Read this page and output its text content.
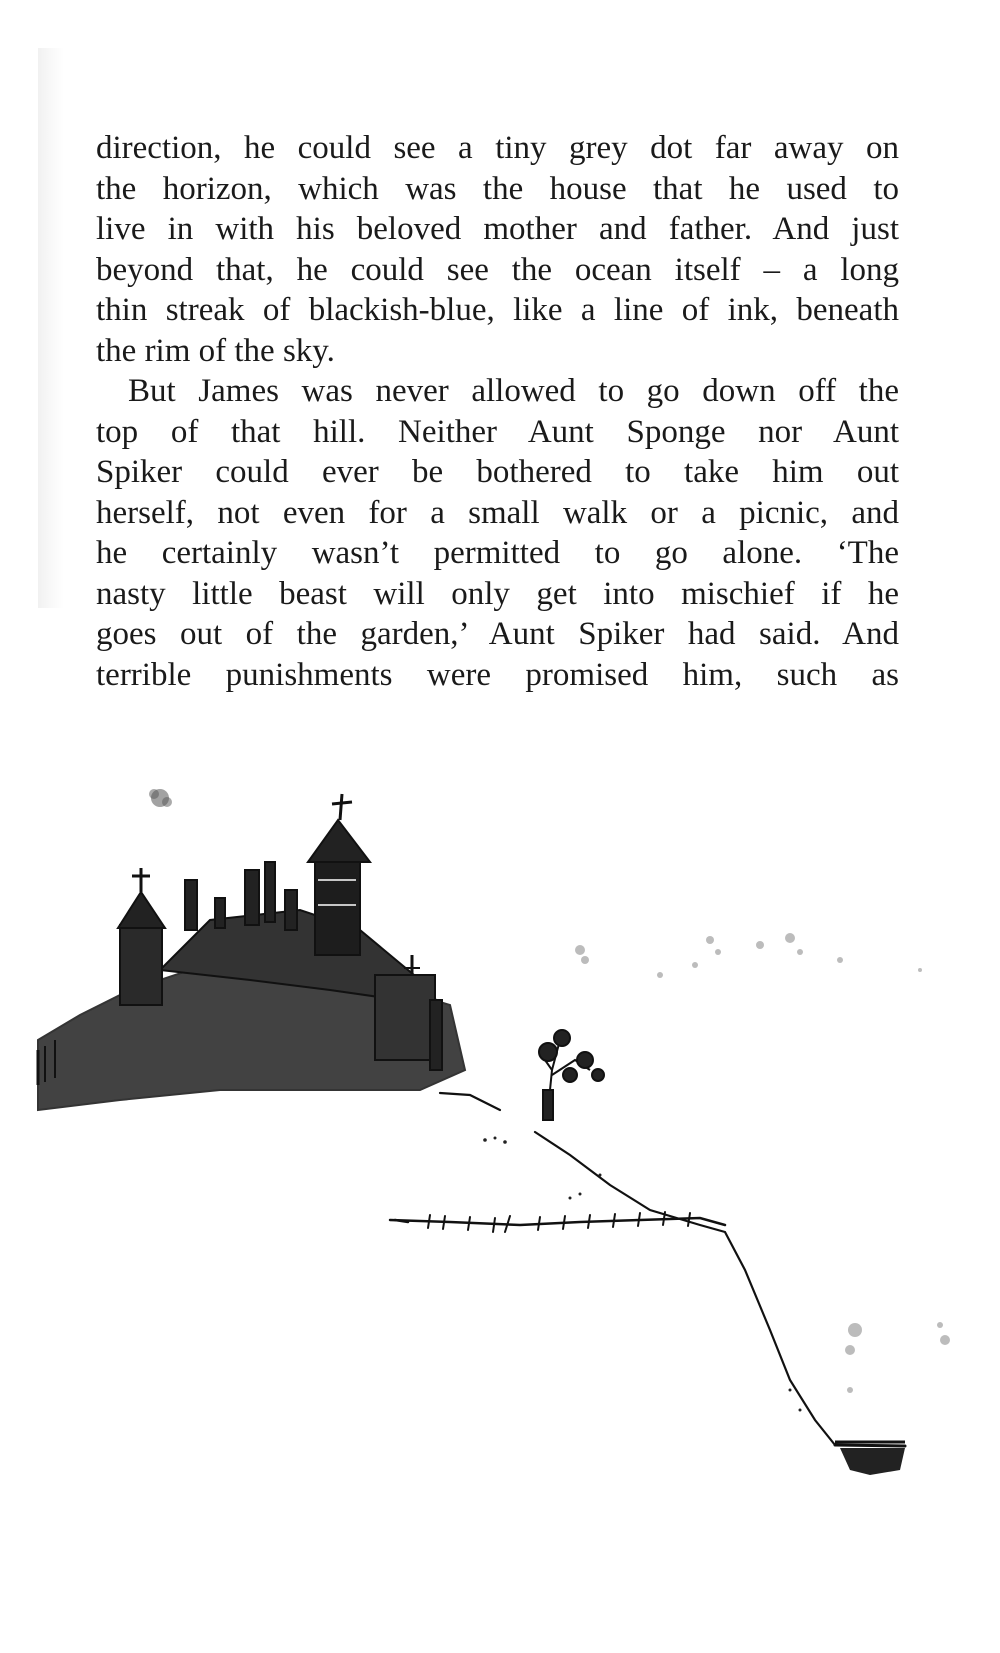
direction, he could see a tiny grey dot far away on

the horizon, which was the house that he used to

live in with his beloved mother and father. And just

beyond that, he could see the ocean itself – a long

thin streak of blackish-blue, like a line of ink, beneath

the rim of the sky.

But James was never allowed to go down off the

top of that hill. Neither Aunt Sponge nor Aunt

Spiker could ever be bothered to take him out

herself, not even for a small walk or a picnic, and

he certainly wasn’t permitted to go alone. ‘The

nasty little beast will only get into mischief if he

goes out of the garden,’ Aunt Spiker had said. And

terrible punishments were promised him, such as
